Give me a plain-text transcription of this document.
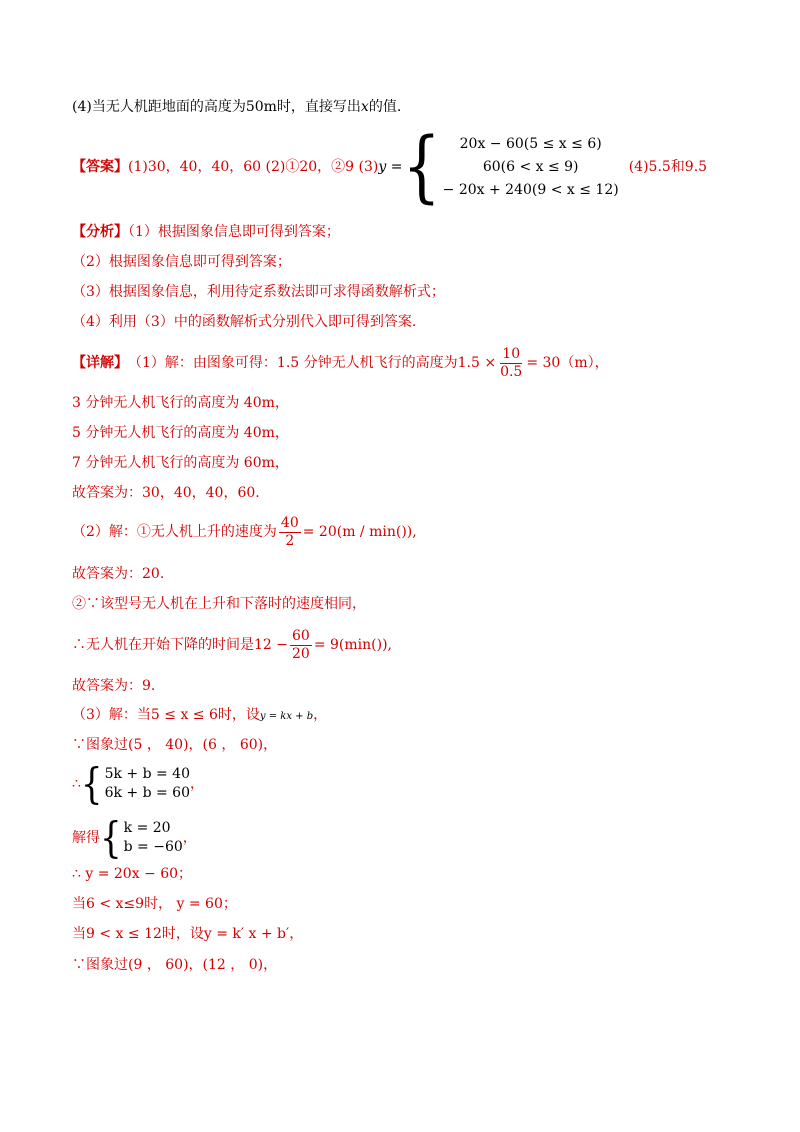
(4)当无人机距地面的高度为50m时，直接写出x的值.
【答案】 (1)30，40，40，60 (2)①20，②9 (3) y = { 20x − 60(5 ≤ x ≤ 6)
60(6 < x ≤ 9)
− 20x + 240(9 < x ≤ 12)
(4)5.5和9.5
【分析】（1）根据图象信息即可得到答案；
（2）根据图象信息即可得到答案；
（3）根据图象信息，利用待定系数法即可求得函数解析式；
（4）利用（3）中的函数解析式分别代入即可得到答案.
【详解】 （1）解：由图象可得：1.5 分钟无人机飞行的高度为$1.5 \times \frac{10}{0.5} = 30(m)$，
3 分钟无人机飞行的高度为 40m，
5 分钟无人机飞行的高度为 40m，
7 分钟无人机飞行的高度为 60m，
故答案为：30，40，40，60.
（2）解：①无人机上升的速度为 $\frac{40}{2} = 20(m / \min())$,
故答案为：20.
②∵该型号无人机在上升和下落时的速度相同，
∴无人机在开始下降的时间是$12 - \frac{60}{20} = 9(\min())$,
故答案为：9.
（3）解：当5 ≤ x ≤ 6时，设y = kx + b，
∵图象过(5 ， 40)，(6 ， 60)，
∴ { 5k + b = 40
6k + b = 60
，
解得 { k = 20
b = −60
，
∴ y = 20x − 60；
当6 < x≤9时， y = 60；
当9 < x ≤ 12时，设y = k′ x + b′，
∵图象过(9 ， 60)，(12 ， 0)，
